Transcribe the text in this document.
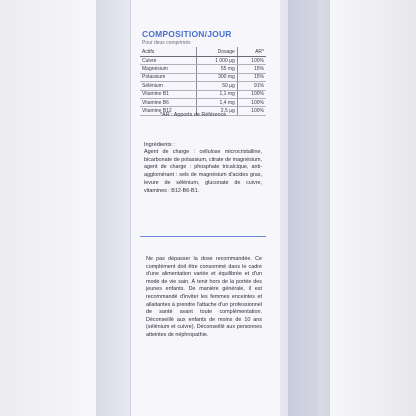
COMPOSITION/JOUR
Pour deux comprimés
Actifs	Dosage	AR*
Cuivre	1 000 µg	100%
Magnésium	55 mg	15%
Potassium	300 mg	15%
Sélénium	50 µg	91%
Vitamine B1	1,1 mg	100%
Vitamine B6	1,4 mg	100%
Vitamine B12	2,5 µg	100%
*AR : Apports de Référence
Ingrédients :
Agent de charge : cellulose microcristalline, bicarbonate de potassium, citrate de magnésium, agent de charge : phosphate tricalcique, anti-agglomérant : sels de magnésium d'acides gras, levure de sélénium, gluconate de cuivre, vitamines : B12-B6-B1.
Ne pas dépasser la dose recommandée. Ce complément doit être consommé dans le cadre d'une alimentation variée et équilibrée et d'un mode de vie sain. À tenir hors de la portée des jeunes enfants. De manière générale, il est recommandé d'inviter les femmes enceintes et allaitantes à prendre l'attache d'un professionnel de santé avant toute complémentation. Déconseillé aux enfants de moins de 10 ans (sélénium et cuivre). Déconseillé aux personnes atteintes de néphropathie.
